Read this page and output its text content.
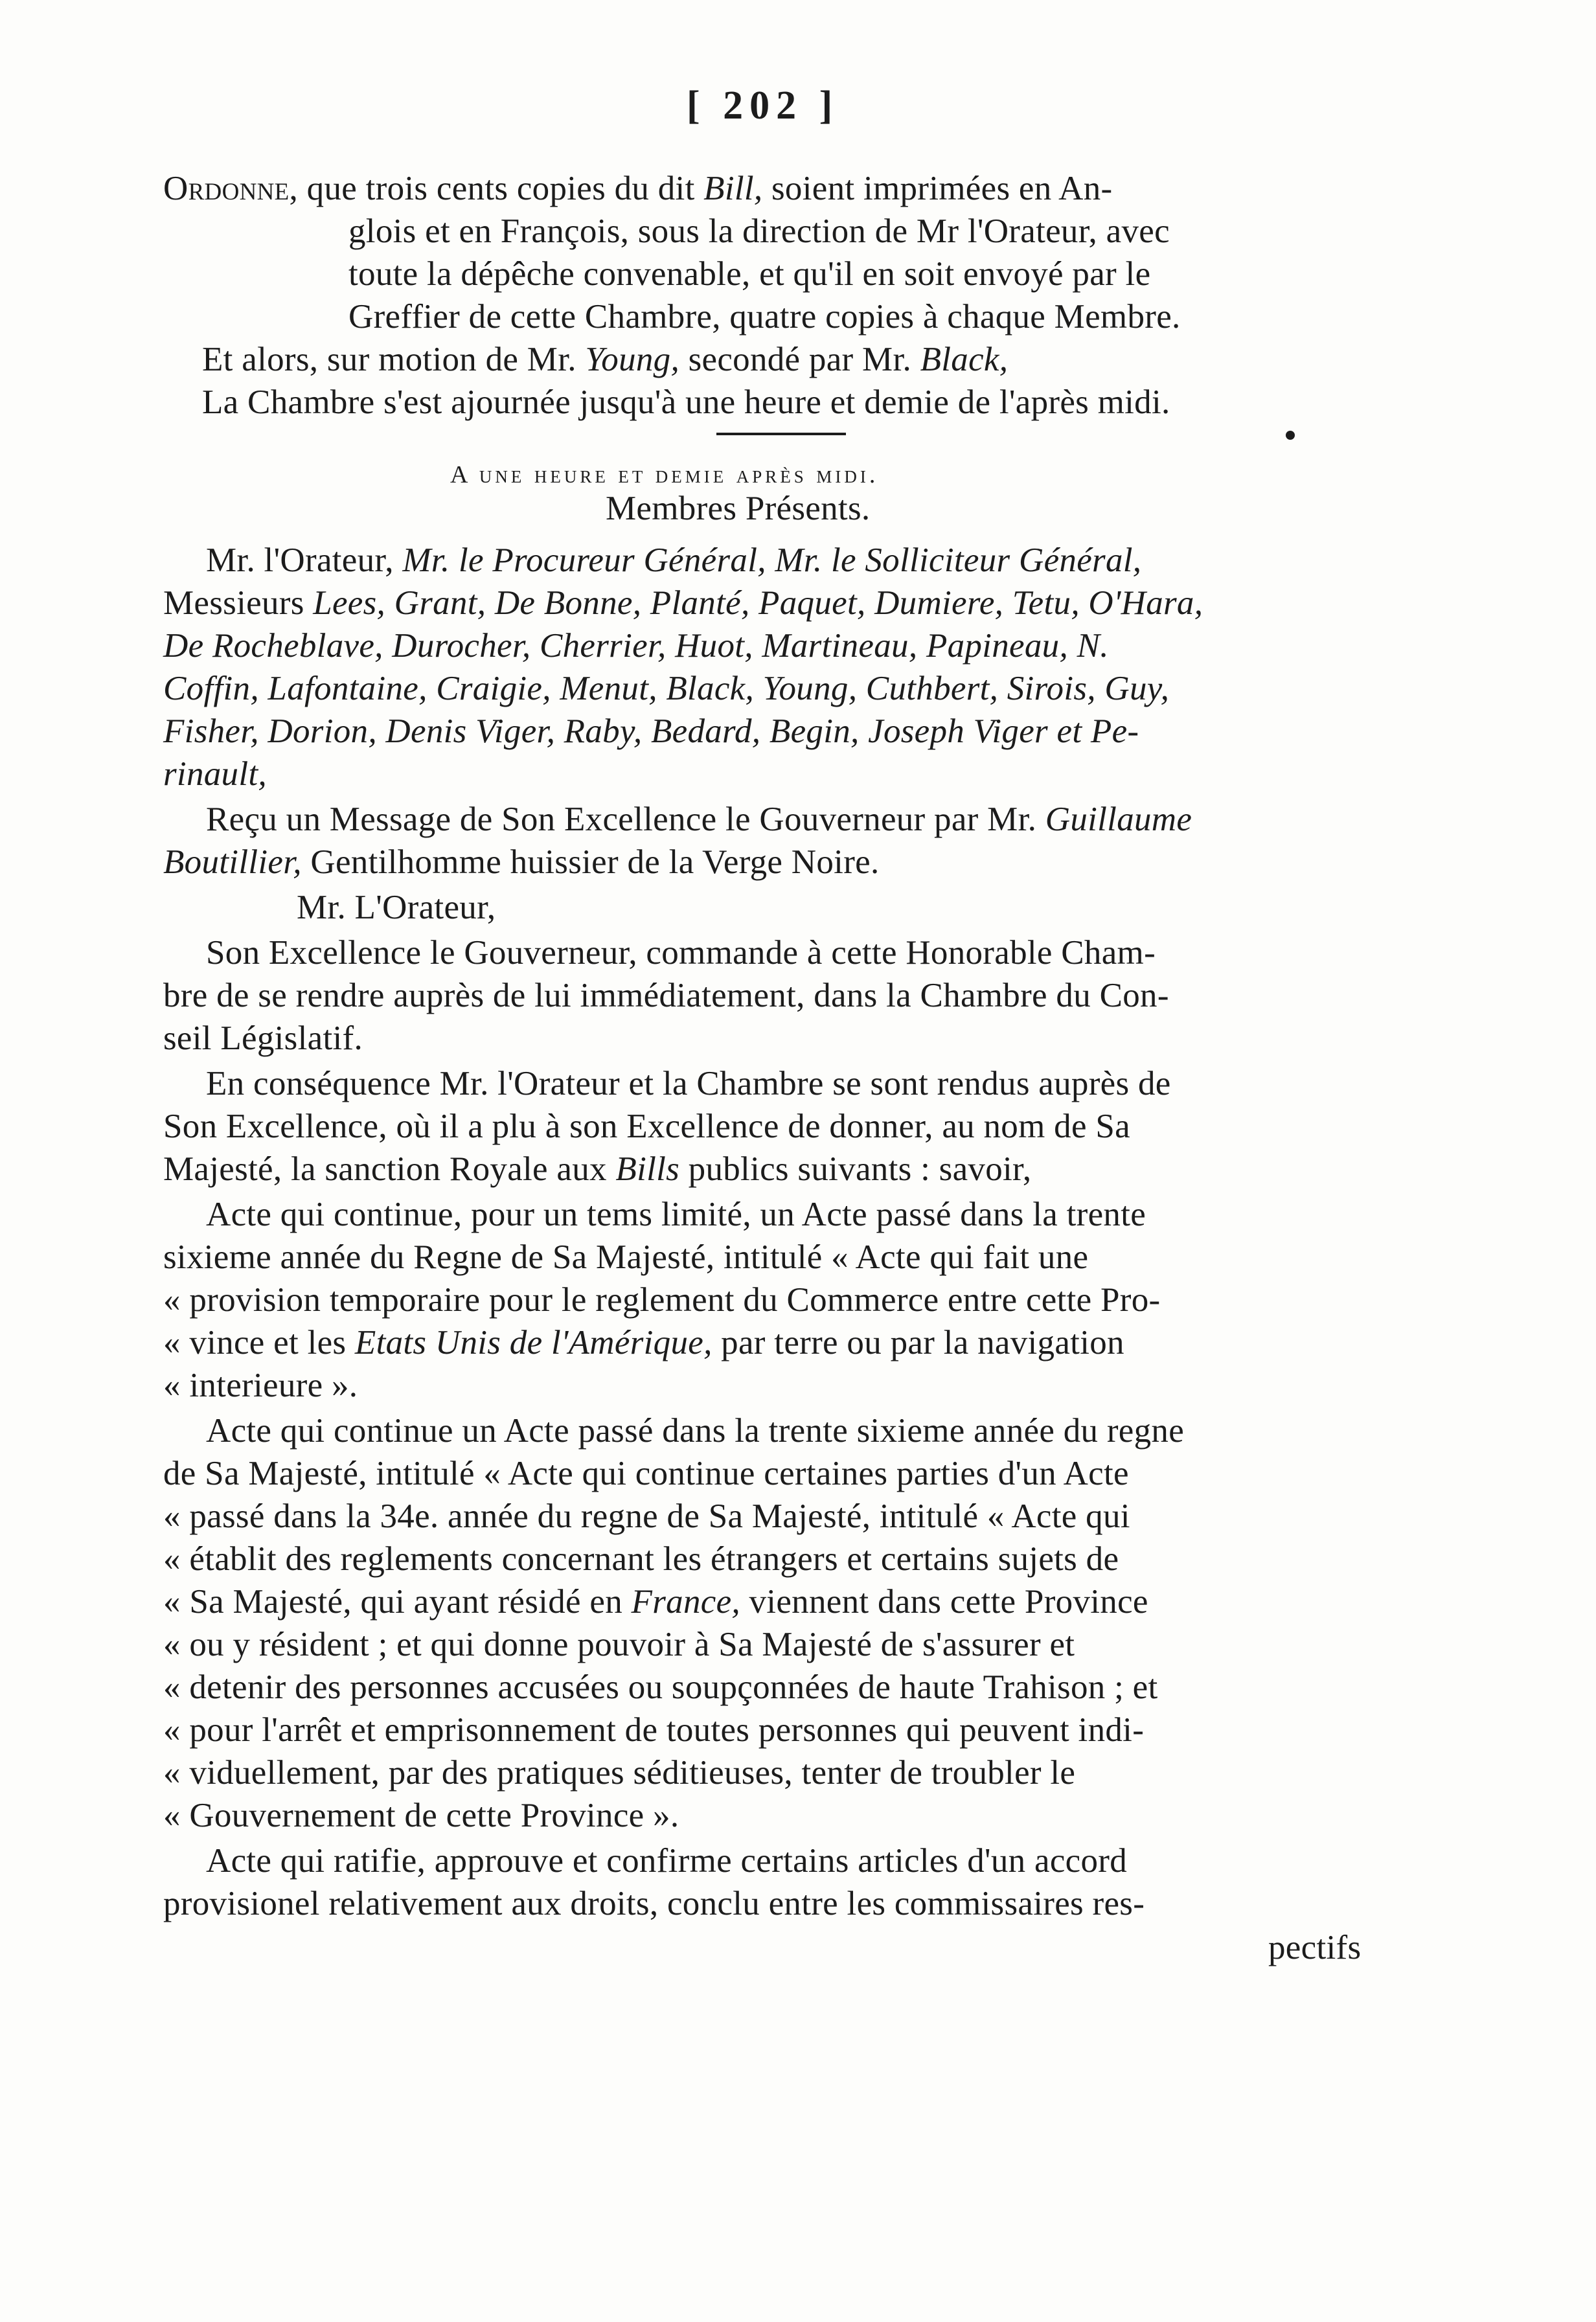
[ 202 ]
Ordonne, que trois cents copies du dit Bill, soient imprimées en An-
glois et en François, sous la direction de Mr l'Orateur, avec
toute la dépêche convenable, et qu'il en soit envoyé par le
Greffier de cette Chambre, quatre copies à chaque Membre.
Et alors, sur motion de Mr. Young, secondé par Mr. Black,
La Chambre s'est ajournée jusqu'à une heure et demie de l'après midi.
A une heure et demie après midi.
Membres Présents.
Mr. l'Orateur, Mr. le Procureur Général, Mr. le Solliciteur Général,
Messieurs Lees, Grant, De Bonne, Planté, Paquet, Dumiere, Tetu, O'Hara,
De Rocheblave, Durocher, Cherrier, Huot, Martineau, Papineau, N.
Coffin, Lafontaine, Craigie, Menut, Black, Young, Cuthbert, Sirois, Guy,
Fisher, Dorion, Denis Viger, Raby, Bedard, Begin, Joseph Viger et Pe-
rinault,
Reçu un Message de Son Excellence le Gouverneur par Mr. Guillaume
Boutillier, Gentilhomme huissier de la Verge Noire.
Mr. L'Orateur,
Son Excellence le Gouverneur, commande à cette Honorable Cham-
bre de se rendre auprès de lui immédiatement, dans la Chambre du Con-
seil Législatif.
En conséquence Mr. l'Orateur et la Chambre se sont rendus auprès de
Son Excellence, où il a plu à son Excellence de donner, au nom de Sa
Majesté, la sanction Royale aux Bills publics suivants : savoir,
Acte qui continue, pour un tems limité, un Acte passé dans la trente
sixieme année du Regne de Sa Majesté, intitulé « Acte qui fait une
« provision temporaire pour le reglement du Commerce entre cette Pro-
« vince et les Etats Unis de l'Amérique, par terre ou par la navigation
« interieure ».
Acte qui continue un Acte passé dans la trente sixieme année du regne
de Sa Majesté, intitulé « Acte qui continue certaines parties d'un Acte
« passé dans la 34e. année du regne de Sa Majesté, intitulé « Acte qui
« établit des reglements concernant les étrangers et certains sujets de
« Sa Majesté, qui ayant résidé en France, viennent dans cette Province
« ou y résident ; et qui donne pouvoir à Sa Majesté de s'assurer et
« detenir des personnes accusées ou soupçonnées de haute Trahison ; et
« pour l'arrêt et emprisonnement de toutes personnes qui peuvent indi-
« viduellement, par des pratiques séditieuses, tenter de troubler le
« Gouvernement de cette Province ».
Acte qui ratifie, approuve et confirme certains articles d'un accord
provisionel relativement aux droits, conclu entre les commissaires res-
pectifs
